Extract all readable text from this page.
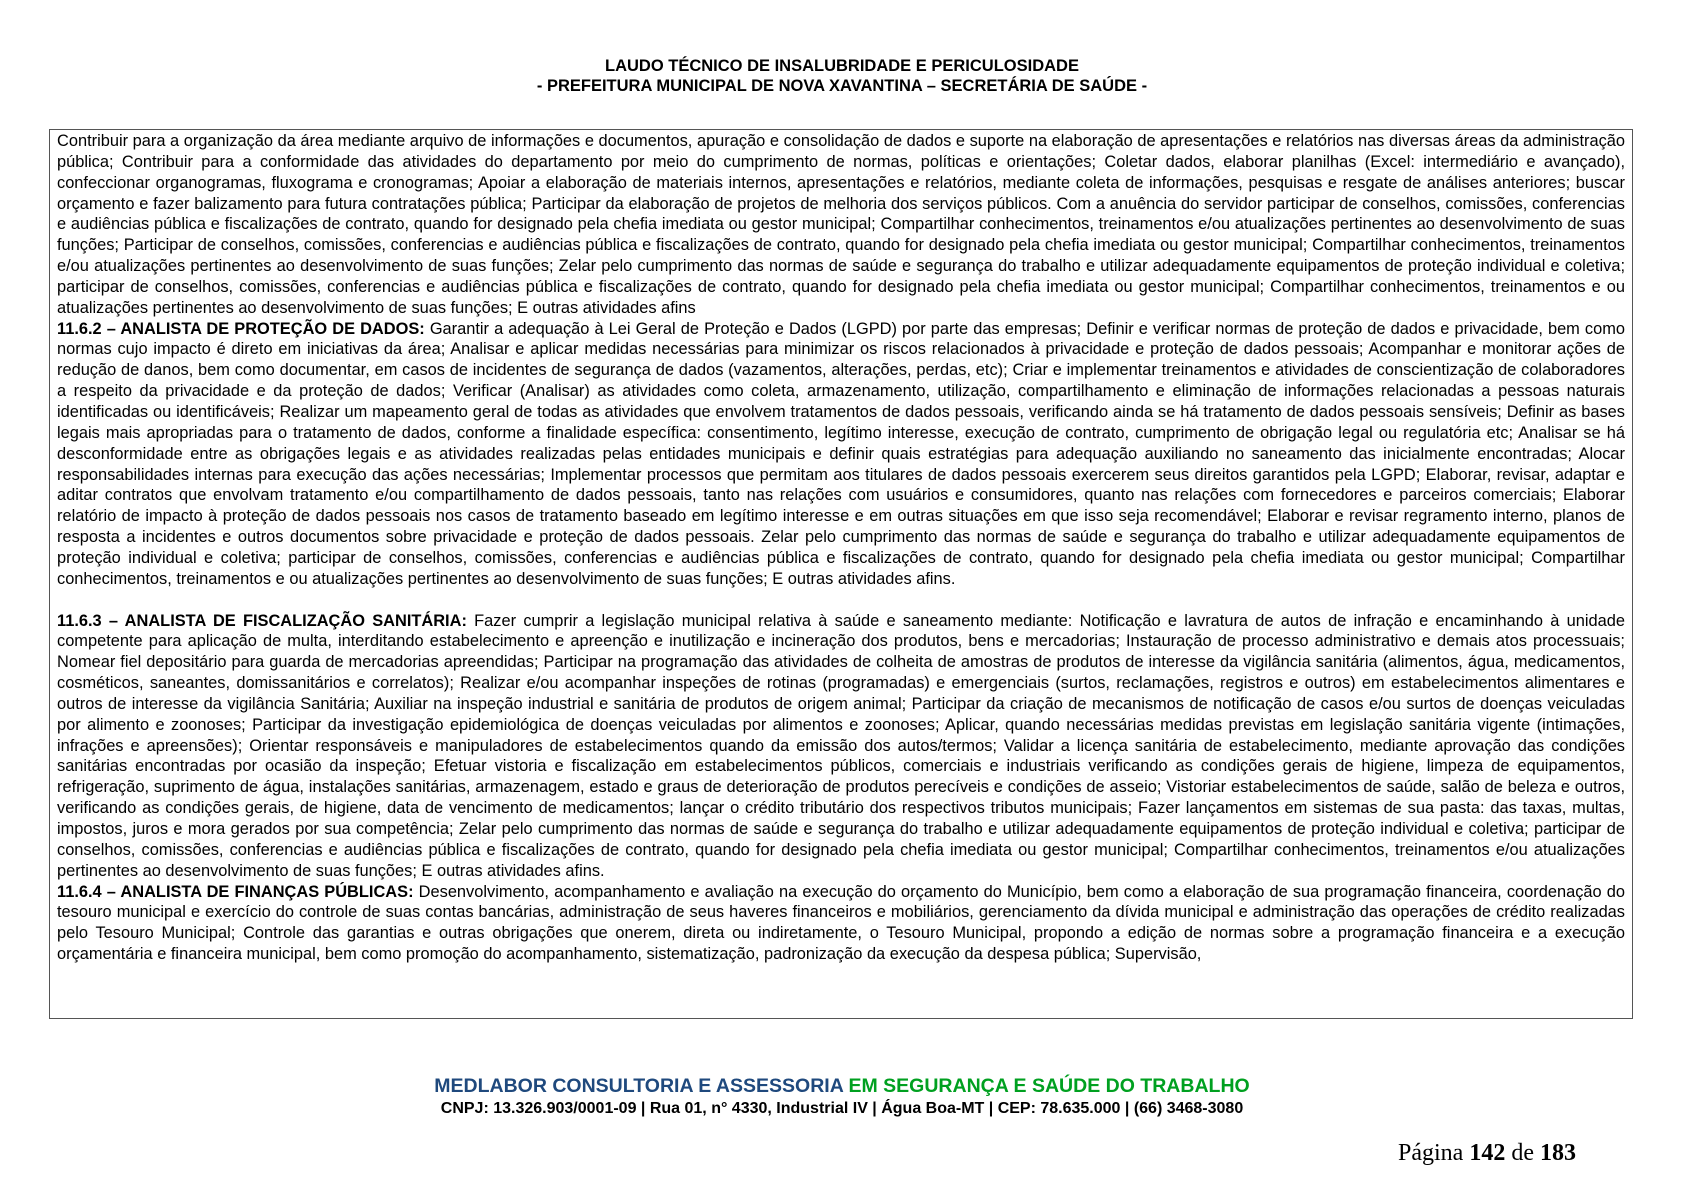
LAUDO TÉCNICO DE INSALUBRIDADE E PERICULOSIDADE
- PREFEITURA MUNICIPAL DE NOVA XAVANTINA – SECRETÁRIA DE SAÚDE -

Contribuir para a organização da área mediante arquivo de informações e documentos, apuração e consolidação de dados e suporte na elaboração de apresentações e relatórios nas diversas áreas da administração pública; Contribuir para a conformidade das atividades do departamento por meio do cumprimento de normas, políticas e orientações; Coletar dados, elaborar planilhas (Excel: intermediário e avançado), confeccionar organogramas, fluxograma e cronogramas; Apoiar a elaboração de materiais internos, apresentações e relatórios, mediante coleta de informações, pesquisas e resgate de análises anteriores; buscar orçamento e fazer balizamento para futura contratações pública; Participar da elaboração de projetos de melhoria dos serviços públicos. Com a anuência do servidor participar de conselhos, comissões, conferencias e audiências pública e fiscalizações de contrato, quando for designado pela chefia imediata ou gestor municipal; Compartilhar conhecimentos, treinamentos e/ou atualizações pertinentes ao desenvolvimento de suas funções; Participar de conselhos, comissões, conferencias e audiências pública e fiscalizações de contrato, quando for designado pela chefia imediata ou gestor municipal; Compartilhar conhecimentos, treinamentos e/ou atualizações pertinentes ao desenvolvimento de suas funções; Zelar pelo cumprimento das normas de saúde e segurança do trabalho e utilizar adequadamente equipamentos de proteção individual e coletiva; participar de conselhos, comissões, conferencias e audiências pública e fiscalizações de contrato, quando for designado pela chefia imediata ou gestor municipal; Compartilhar conhecimentos, treinamentos e ou atualizações pertinentes ao desenvolvimento de suas funções; E outras atividades afins

11.6.2 – ANALISTA DE PROTEÇÃO DE DADOS: Garantir a adequação à Lei Geral de Proteção e Dados (LGPD) por parte das empresas; Definir e verificar normas de proteção de dados e privacidade, bem como normas cujo impacto é direto em iniciativas da área; Analisar e aplicar medidas necessárias para minimizar os riscos relacionados à privacidade e proteção de dados pessoais; Acompanhar e monitorar ações de redução de danos, bem como documentar, em casos de incidentes de segurança de dados (vazamentos, alterações, perdas, etc); Criar e implementar treinamentos e atividades de conscientização de colaboradores a respeito da privacidade e da proteção de dados; Verificar (Analisar) as atividades como coleta, armazenamento, utilização, compartilhamento e eliminação de informações relacionadas a pessoas naturais identificadas ou identificáveis; Realizar um mapeamento geral de todas as atividades que envolvem tratamentos de dados pessoais, verificando ainda se há tratamento de dados pessoais sensíveis; Definir as bases legais mais apropriadas para o tratamento de dados, conforme a finalidade específica: consentimento, legítimo interesse, execução de contrato, cumprimento de obrigação legal ou regulatória etc; Analisar se há desconformidade entre as obrigações legais e as atividades realizadas pelas entidades municipais e definir quais estratégias para adequação auxiliando no saneamento das inicialmente encontradas; Alocar responsabilidades internas para execução das ações necessárias; Implementar processos que permitam aos titulares de dados pessoais exercerem seus direitos garantidos pela LGPD; Elaborar, revisar, adaptar e aditar contratos que envolvam tratamento e/ou compartilhamento de dados pessoais, tanto nas relações com usuários e consumidores, quanto nas relações com fornecedores e parceiros comerciais; Elaborar relatório de impacto à proteção de dados pessoais nos casos de tratamento baseado em legítimo interesse e em outras situações em que isso seja recomendável; Elaborar e revisar regramento interno, planos de resposta a incidentes e outros documentos sobre privacidade e proteção de dados pessoais. Zelar pelo cumprimento das normas de saúde e segurança do trabalho e utilizar adequadamente equipamentos de proteção individual e coletiva; participar de conselhos, comissões, conferencias e audiências pública e fiscalizações de contrato, quando for designado pela chefia imediata ou gestor municipal; Compartilhar conhecimentos, treinamentos e ou atualizações pertinentes ao desenvolvimento de suas funções; E outras atividades afins.

11.6.3 – ANALISTA DE FISCALIZAÇÃO SANITÁRIA: Fazer cumprir a legislação municipal relativa à saúde e saneamento mediante: Notificação e lavratura de autos de infração e encaminhando à unidade competente para aplicação de multa, interditando estabelecimento e apreenção e inutilização e incineração dos produtos, bens e mercadorias; Instauração de processo administrativo e demais atos processuais; Nomear fiel depositário para guarda de mercadorias apreendidas; Participar na programação das atividades de colheita de amostras de produtos de interesse da vigilância sanitária (alimentos, água, medicamentos, cosméticos, saneantes, domissanitários e correlatos); Realizar e/ou acompanhar inspeções de rotinas (programadas) e emergenciais (surtos, reclamações, registros e outros) em estabelecimentos alimentares e outros de interesse da vigilância Sanitária; Auxiliar na inspeção industrial e sanitária de produtos de origem animal; Participar da criação de mecanismos de notificação de casos e/ou surtos de doenças veiculadas por alimento e zoonoses; Participar da investigação epidemiológica de doenças veiculadas por alimentos e zoonoses; Aplicar, quando necessárias medidas previstas em legislação sanitária vigente (intimações, infrações e apreensões); Orientar responsáveis e manipuladores de estabelecimentos quando da emissão dos autos/termos; Validar a licença sanitária de estabelecimento, mediante aprovação das condições sanitárias encontradas por ocasião da inspeção; Efetuar vistoria e fiscalização em estabelecimentos públicos, comerciais e industriais verificando as condições gerais de higiene, limpeza de equipamentos, refrigeração, suprimento de água, instalações sanitárias, armazenagem, estado e graus de deterioração de produtos perecíveis e condições de asseio; Vistoriar estabelecimentos de saúde, salão de beleza e outros, verificando as condições gerais, de higiene, data de vencimento de medicamentos; lançar o crédito tributário dos respectivos tributos municipais; Fazer lançamentos em sistemas de sua pasta: das taxas, multas, impostos, juros e mora gerados por sua competência; Zelar pelo cumprimento das normas de saúde e segurança do trabalho e utilizar adequadamente equipamentos de proteção individual e coletiva; participar de conselhos, comissões, conferencias e audiências pública e fiscalizações de contrato, quando for designado pela chefia imediata ou gestor municipal; Compartilhar conhecimentos, treinamentos e/ou atualizações pertinentes ao desenvolvimento de suas funções; E outras atividades afins.

11.6.4 – ANALISTA DE FINANÇAS PÚBLICAS: Desenvolvimento, acompanhamento e avaliação na execução do orçamento do Município, bem como a elaboração de sua programação financeira, coordenação do tesouro municipal e exercício do controle de suas contas bancárias, administração de seus haveres financeiros e mobiliários, gerenciamento da dívida municipal e administração das operações de crédito realizadas pelo Tesouro Municipal; Controle das garantias e outras obrigações que onerem, direta ou indiretamente, o Tesouro Municipal, propondo a edição de normas sobre a programação financeira e a execução orçamentária e financeira municipal, bem como promoção do acompanhamento, sistematização, padronização da execução da despesa pública; Supervisão,

MEDLABOR CONSULTORIA E ASSESSORIA EM SEGURANÇA E SAÚDE DO TRABALHO
CNPJ: 13.326.903/0001-09 | Rua 01, n° 4330, Industrial IV | Água Boa-MT | CEP: 78.635.000 | (66) 3468-3080
Página 142 de 183
